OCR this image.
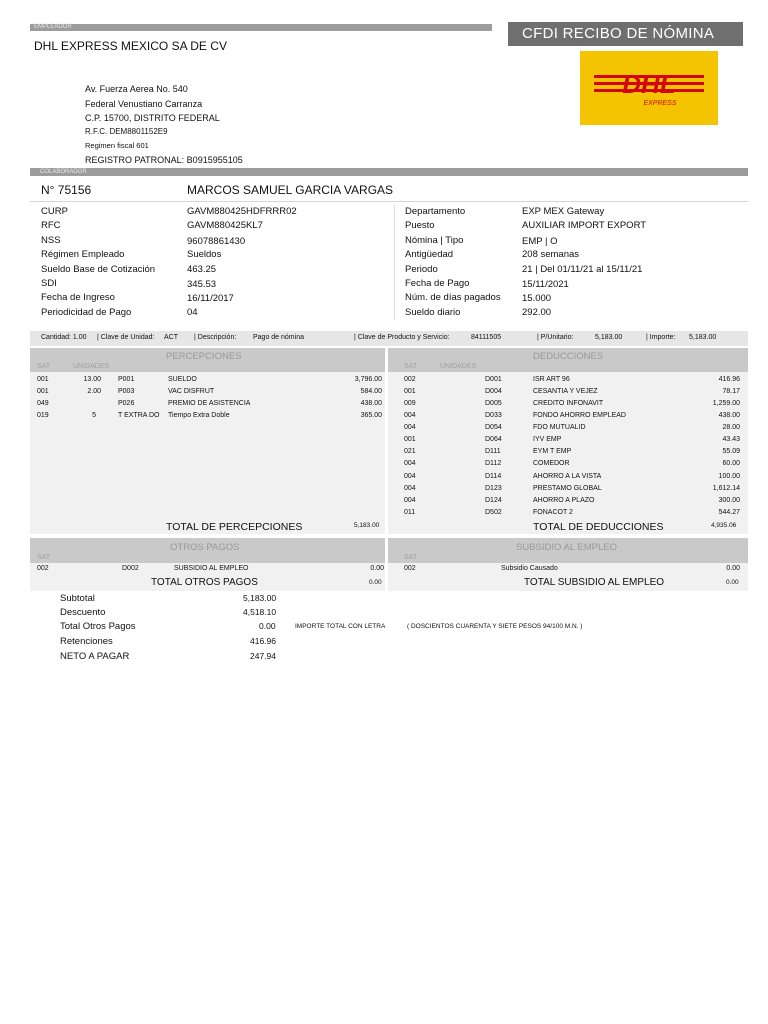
EMPLEADOR
DHL EXPRESS MEXICO SA DE CV
CFDI RECIBO DE NÓMINA
DHL
EXPRESS
Av. Fuerza Aerea No. 540
Federal Venustiano Carranza
C.P. 15700, DISTRITO FEDERAL
R.F.C. DEM8801152E9
Regimen fiscal 601
REGISTRO PATRONAL: B0915955105
COLABORADOR
N° 75156	MARCOS SAMUEL GARCIA VARGAS
CURP	GAVM880425HDFRRR02
RFC	GAVM880425KL7
NSS	96078861430
Régimen Empleado	Sueldos
Sueldo Base de Cotización	463.25
SDI	345.53
Fecha de Ingreso	16/11/2017
Periodicidad de Pago	04
Departamento	EXP MEX Gateway
Puesto	AUXILIAR IMPORT EXPORT
Nómina | Tipo	EMP | O
Antigüedad	208 semanas
Periodo	21 | Del 01/11/21 al 15/11/21
Fecha de Pago	15/11/2021
Núm. de días pagados 15.000
Sueldo diario	292.00
Cantidad: 1.00 | Clave de Unidad: ACT | Descripción: Pago de nómina	| Clave de Producto y Servicio:	84111505	| P/Unitario:	5,183.00	| Importe: 5,183.00
PERCEPCIONES
SAT	UNIDADES
DEDUCCIONES
SAT	UNIDADES
001	13.00 P001	SUELDO	3,796.00
001	2.00 P003	VAC DISFRUT	584.00
049	P026	PREMIO DE ASISTENCIA	438.00
019	5	T EXTRA DO Tiempo Extra Doble	365.00
002	D001	ISR ART 96	416.96
001	D004	CESANTIA Y VEJEZ	78.17
009	D005	CREDITO INFONAVIT	1,259.00
004	D033	FONDO AHORRO EMPLEAD	438.00
004	D054	FDO MUTUALID	28.00
001	D064	IYV EMP	43.43
021	D111	EYM T EMP	55.09
004	D112	COMEDOR	60.00
004	D114	AHORRO A LA VISTA	100.00
004	D123	PRESTAMO GLOBAL	1,612.14
004	D124	AHORRO A PLAZO	300.00
011	D502	FONACOT 2	544.27
TOTAL DE PERCEPCIONES	5,183.00	TOTAL DE DEDUCCIONES	4,935.06
OTROS PAGOS
SAT
SUBSIDIO AL EMPLEO
SAT
002	D002	SUBSIDIO AL EMPLEO	0.00	002	Subsidio Causado	0.00
TOTAL OTROS PAGOS	0.00	TOTAL SUBSIDIO AL EMPLEO	0.00
Subtotal	5,183.00
Descuento	4,518.10
Total Otros Pagos	0.00
Retenciones	416.96
NETO A PAGAR	247.94
IMPORTE TOTAL CON LETRA	( DOSCIENTOS CUARENTA Y SIETE PESOS 94/100 M.N. )
